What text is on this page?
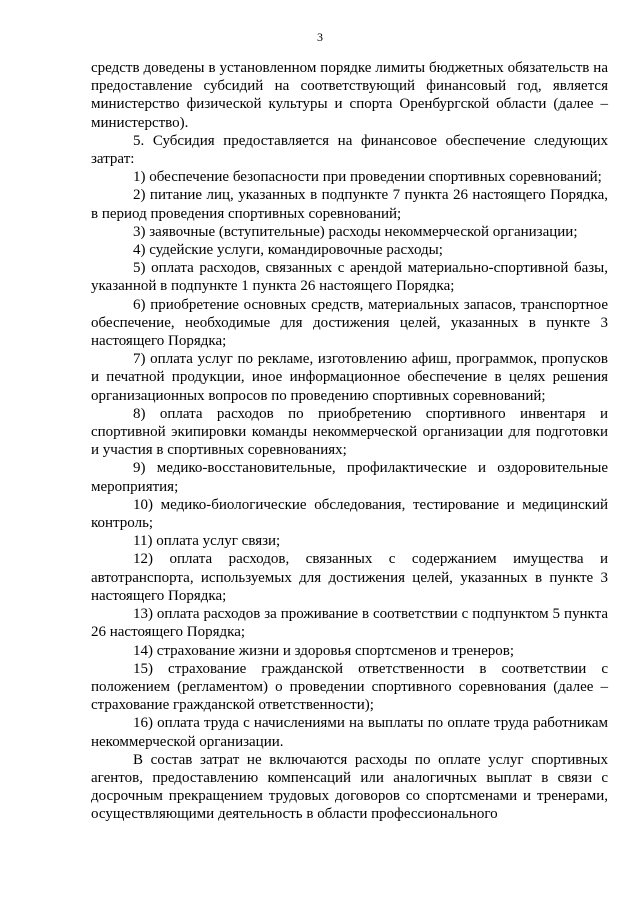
3

средств доведены в установленном порядке лимиты бюджетных обязательств на предоставление субсидий на соответствующий финансовый год, является министерство физической культуры и спорта Оренбургской области (далее – министерство).

5. Субсидия предоставляется на финансовое обеспечение следующих затрат:

1) обеспечение безопасности при проведении спортивных соревнований;

2) питание лиц, указанных в подпункте 7 пункта 26 настоящего Порядка, в период проведения спортивных соревнований;

3) заявочные (вступительные) расходы некоммерческой организации;

4) судейские услуги, командировочные расходы;

5) оплата расходов, связанных с арендой материально-спортивной базы, указанной в подпункте 1 пункта 26 настоящего Порядка;

6) приобретение основных средств, материальных запасов, транспортное обеспечение, необходимые для достижения целей, указанных в пункте 3 настоящего Порядка;

7) оплата услуг по рекламе, изготовлению афиш, программок, пропусков и печатной продукции, иное информационное обеспечение в целях решения организационных вопросов по проведению спортивных соревнований;

8) оплата расходов по приобретению спортивного инвентаря и спортивной экипировки команды некоммерческой организации для подготовки и участия в спортивных соревнованиях;

9) медико-восстановительные, профилактические и оздоровительные мероприятия;

10) медико-биологические обследования, тестирование и медицинский контроль;

11) оплата услуг связи;

12) оплата расходов, связанных с содержанием имущества и автотранспорта, используемых для достижения целей, указанных в пункте 3 настоящего Порядка;

13) оплата расходов за проживание в соответствии с подпунктом 5 пункта 26 настоящего Порядка;

14) страхование жизни и здоровья спортсменов и тренеров;

15) страхование гражданской ответственности в соответствии с положением (регламентом) о проведении спортивного соревнования (далее – страхование гражданской ответственности);

16) оплата труда с начислениями на выплаты по оплате труда работникам некоммерческой организации.

В состав затрат не включаются расходы по оплате услуг спортивных агентов, предоставлению компенсаций или аналогичных выплат в связи с досрочным прекращением трудовых договоров со спортсменами и тренерами, осуществляющими деятельность в области профессионального
